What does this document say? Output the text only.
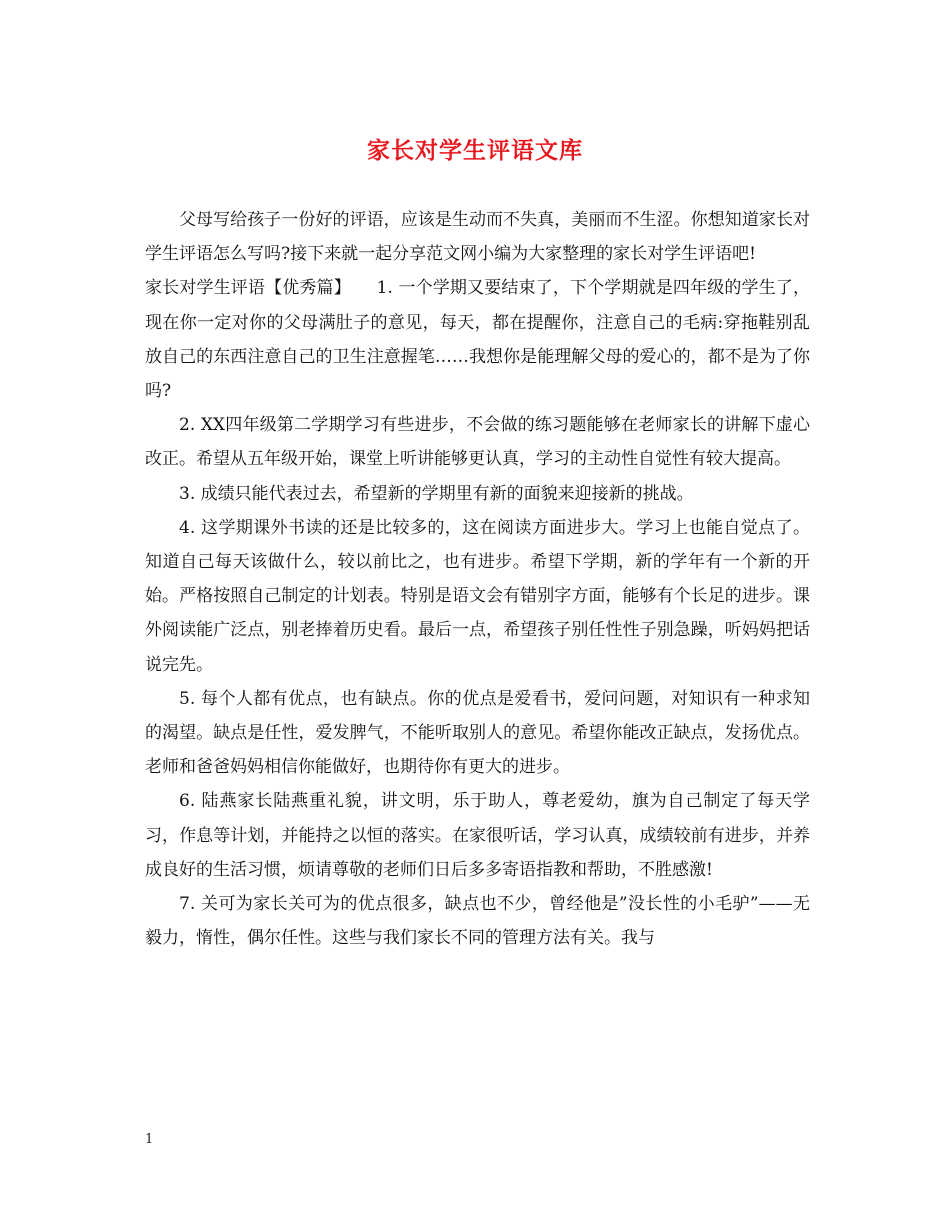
家长对学生评语文库

父母写给孩子一份好的评语，应该是生动而不失真，美丽而不生涩。你想知道家长对学生评语怎么写吗?接下来就一起分享范文网小编为大家整理的家长对学生评语吧!

家长对学生评语【优秀篇】　　1. 一个学期又要结束了，下个学期就是四年级的学生了，现在你一定对你的父母满肚子的意见，每天，都在提醒你，注意自己的毛病:穿拖鞋别乱放自己的东西注意自己的卫生注意握笔……我想你是能理解父母的爱心的，都不是为了你吗?

2. XX四年级第二学期学习有些进步，不会做的练习题能够在老师家长的讲解下虚心改正。希望从五年级开始，课堂上听讲能够更认真，学习的主动性自觉性有较大提高。

3. 成绩只能代表过去，希望新的学期里有新的面貌来迎接新的挑战。

4. 这学期课外书读的还是比较多的，这在阅读方面进步大。学习上也能自觉点了。知道自己每天该做什么，较以前比之，也有进步。希望下学期，新的学年有一个新的开始。严格按照自己制定的计划表。特别是语文会有错别字方面，能够有个长足的进步。课外阅读能广泛点，别老捧着历史看。最后一点，希望孩子别任性性子别急躁，听妈妈把话说完先。

5. 每个人都有优点，也有缺点。你的优点是爱看书，爱问问题，对知识有一种求知的渴望。缺点是任性，爱发脾气，不能听取别人的意见。希望你能改正缺点，发扬优点。老师和爸爸妈妈相信你能做好，也期待你有更大的进步。

6. 陆燕家长陆燕重礼貌，讲文明，乐于助人，尊老爱幼，旗为自己制定了每天学习，作息等计划，并能持之以恒的落实。在家很听话，学习认真，成绩较前有进步，并养成良好的生活习惯，烦请尊敬的老师们日后多多寄语指教和帮助，不胜感激!

7. 关可为家长关可为的优点很多，缺点也不少，曾经他是”没长性的小毛驴”——无毅力，惰性，偶尔任性。这些与我们家长不同的管理方法有关。我与

1
